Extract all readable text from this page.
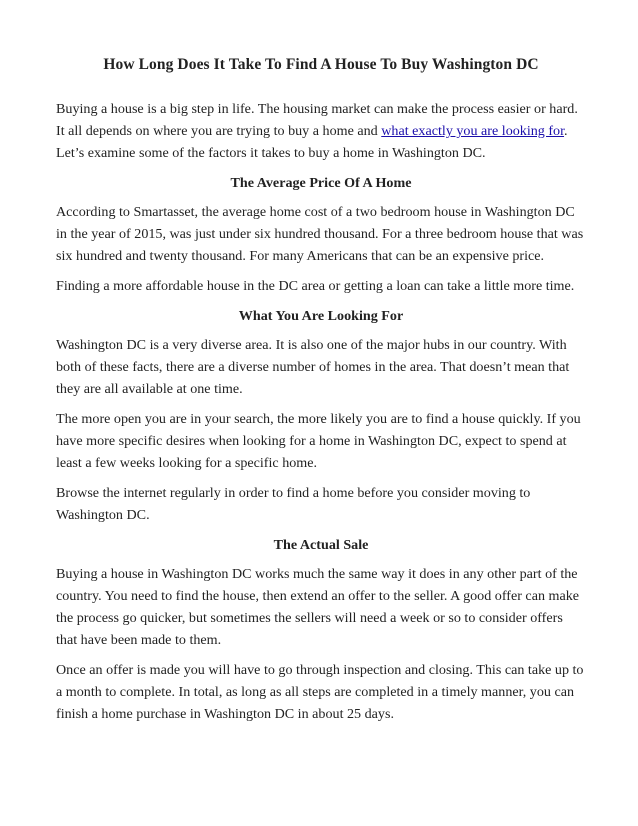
How Long Does It Take To Find A House To Buy Washington DC
Buying a house is a big step in life. The housing market can make the process easier or hard. It all depends on where you are trying to buy a home and what exactly you are looking for. Let’s examine some of the factors it takes to buy a home in Washington DC.
The Average Price Of A Home
According to Smartasset, the average home cost of a two bedroom house in Washington DC in the year of 2015, was just under six hundred thousand. For a three bedroom house that was six hundred and twenty thousand. For many Americans that can be an expensive price.
Finding a more affordable house in the DC area or getting a loan can take a little more time.
What You Are Looking For
Washington DC is a very diverse area. It is also one of the major hubs in our country. With both of these facts, there are a diverse number of homes in the area. That doesn’t mean that they are all available at one time.
The more open you are in your search, the more likely you are to find a house quickly. If you have more specific desires when looking for a home in Washington DC, expect to spend at least a few weeks looking for a specific home.
Browse the internet regularly in order to find a home before you consider moving to Washington DC.
The Actual Sale
Buying a house in Washington DC works much the same way it does in any other part of the country. You need to find the house, then extend an offer to the seller. A good offer can make the process go quicker, but sometimes the sellers will need a week or so to consider offers that have been made to them.
Once an offer is made you will have to go through inspection and closing. This can take up to a month to complete. In total, as long as all steps are completed in a timely manner, you can finish a home purchase in Washington DC in about 25 days.
